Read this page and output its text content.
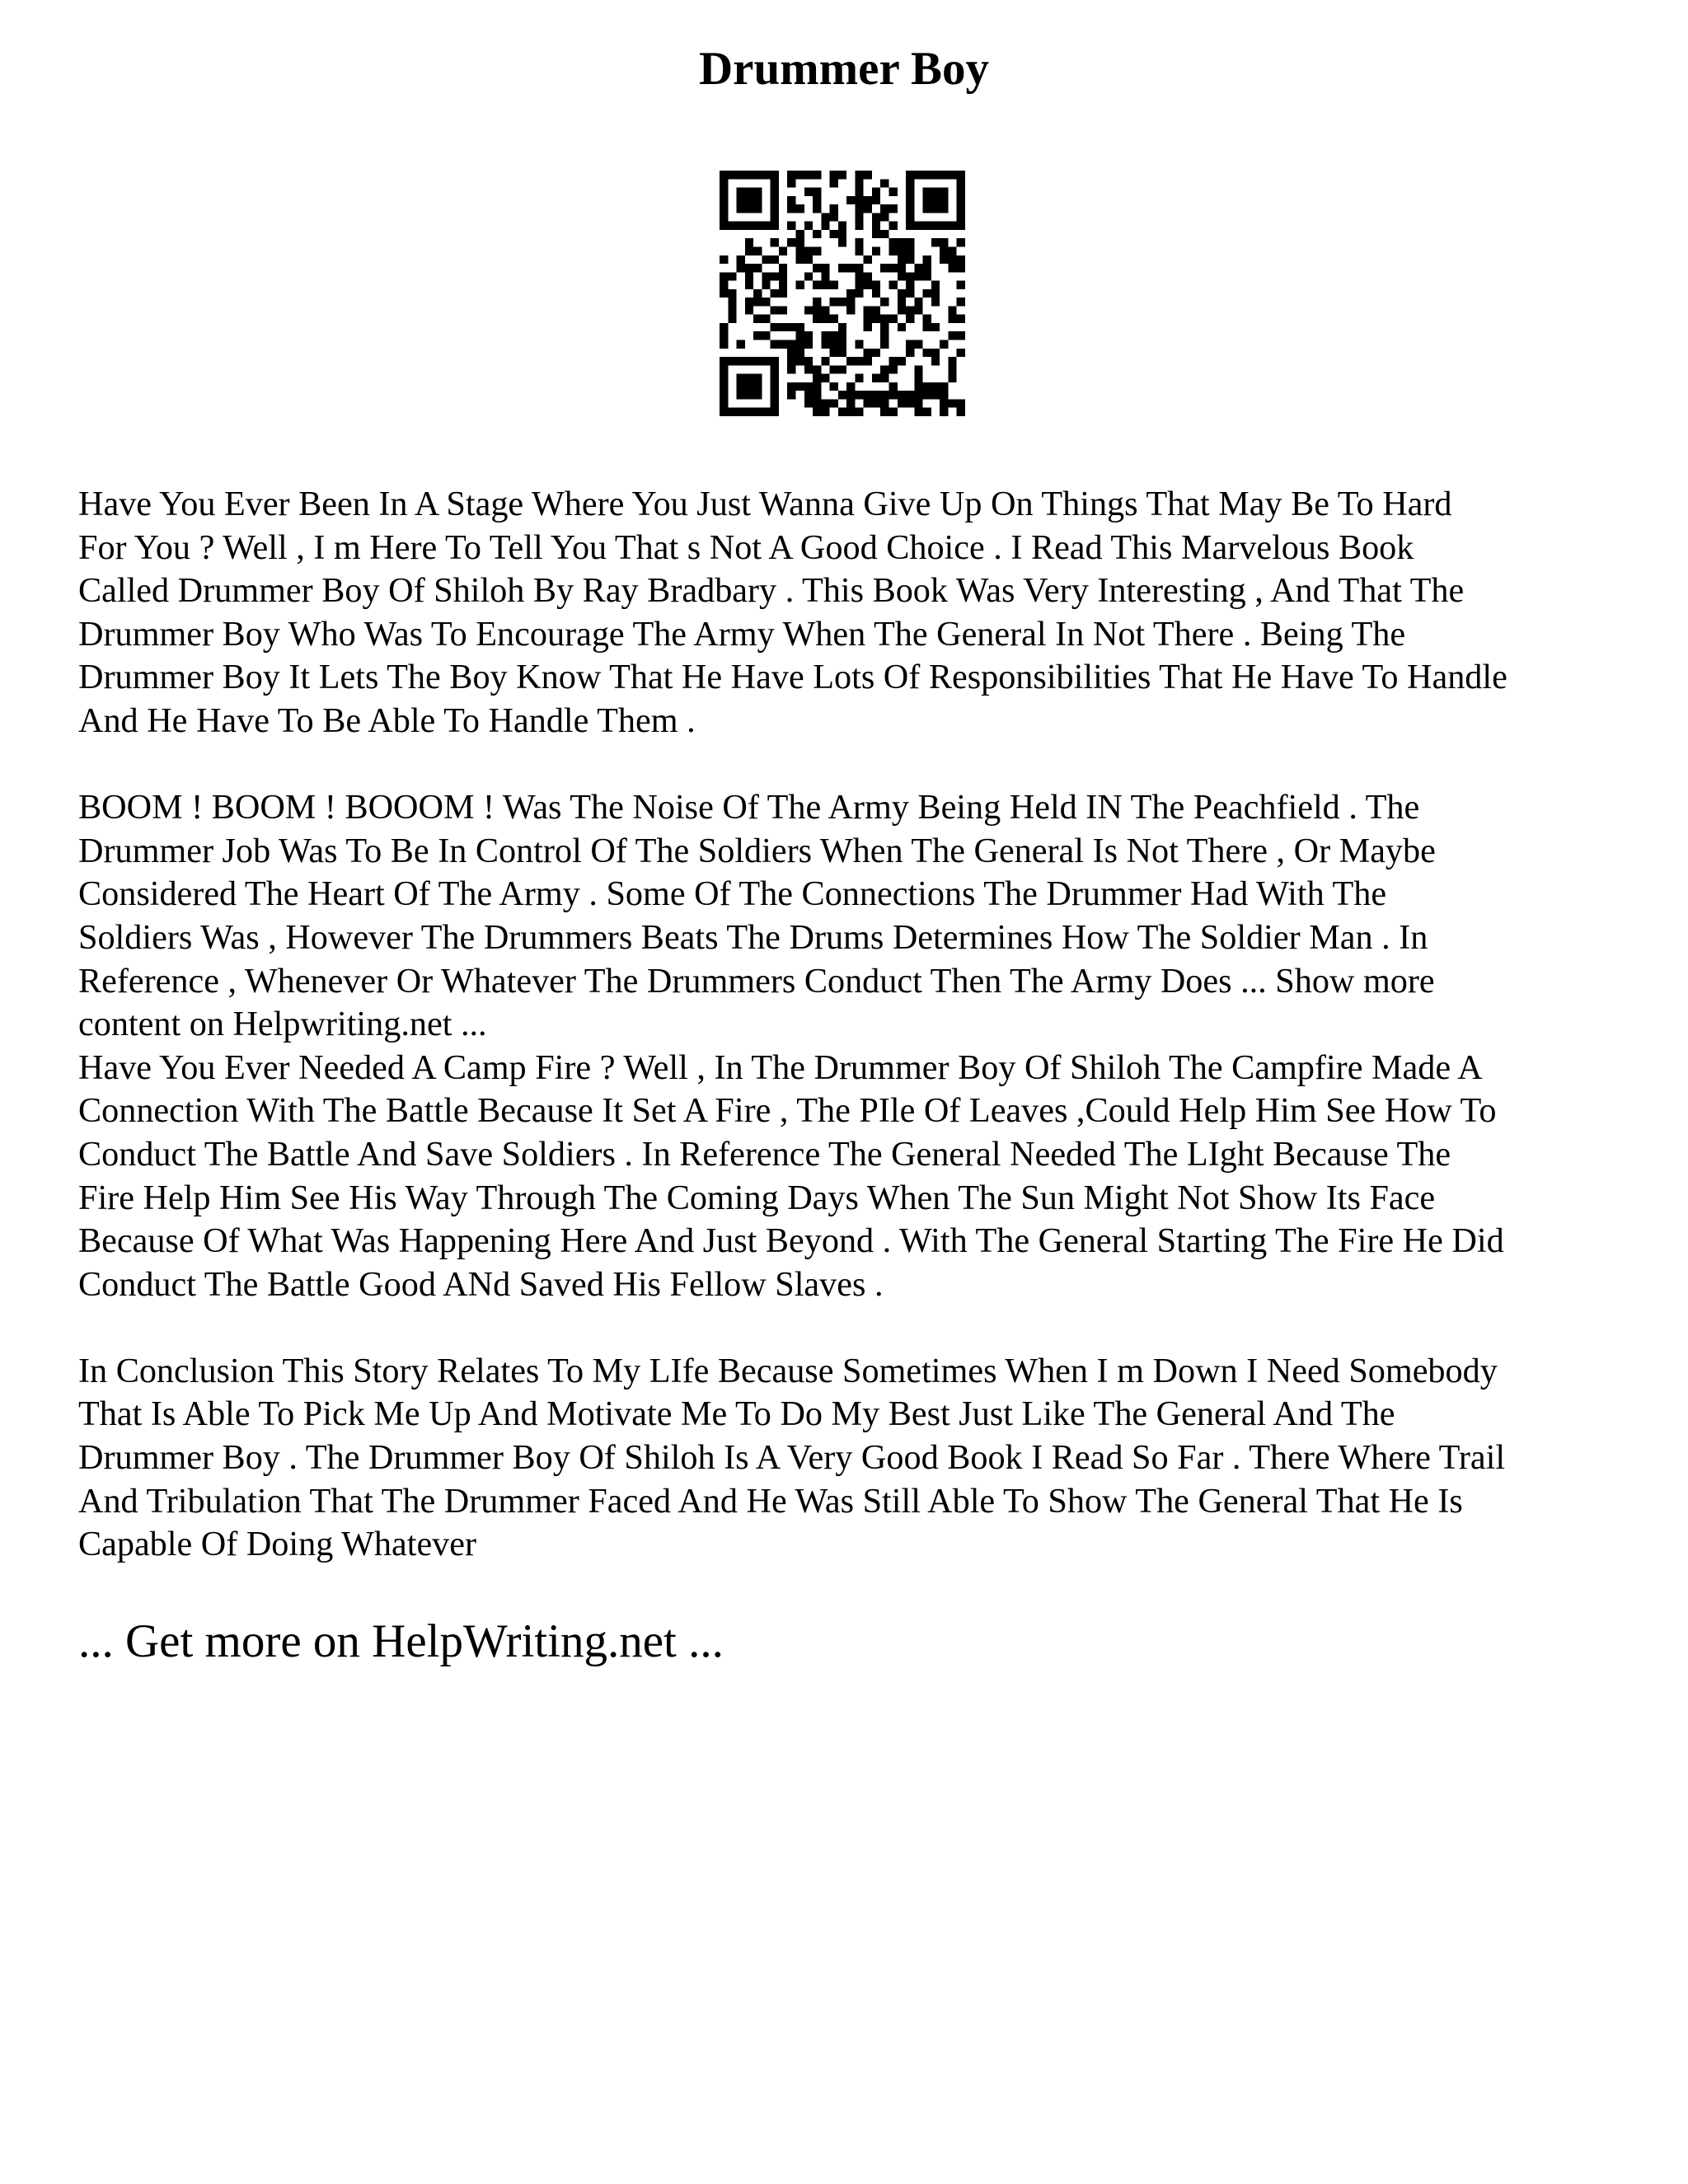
Drummer Boy

Have You Ever Been In A Stage Where You Just Wanna Give Up On Things That May Be To Hard
For You ? Well , I m Here To Tell You That s Not A Good Choice . I Read This Marvelous Book
Called Drummer Boy Of Shiloh By Ray Bradbary . This Book Was Very Interesting , And That The
Drummer Boy Who Was To Encourage The Army When The General In Not There . Being The
Drummer Boy It Lets The Boy Know That He Have Lots Of Responsibilities That He Have To Handle
And He Have To Be Able To Handle Them .

BOOM ! BOOM ! BOOOM ! Was The Noise Of The Army Being Held IN The Peachfield . The
Drummer Job Was To Be In Control Of The Soldiers When The General Is Not There , Or Maybe
Considered The Heart Of The Army . Some Of The Connections The Drummer Had With The
Soldiers Was , However The Drummers Beats The Drums Determines How The Soldier Man . In
Reference , Whenever Or Whatever The Drummers Conduct Then The Army Does ... Show more
content on Helpwriting.net ...

Have You Ever Needed A Camp Fire ? Well , In The Drummer Boy Of Shiloh The Campfire Made A
Connection With The Battle Because It Set A Fire , The PIle Of Leaves ,Could Help Him See How To
Conduct The Battle And Save Soldiers . In Reference The General Needed The LIght Because The
Fire Help Him See His Way Through The Coming Days When The Sun Might Not Show Its Face
Because Of What Was Happening Here And Just Beyond . With The General Starting The Fire He Did
Conduct The Battle Good ANd Saved His Fellow Slaves .

In Conclusion This Story Relates To My LIfe Because Sometimes When I m Down I Need Somebody
That Is Able To Pick Me Up And Motivate Me To Do My Best Just Like The General And The
Drummer Boy . The Drummer Boy Of Shiloh Is A Very Good Book I Read So Far . There Where Trail
And Tribulation That The Drummer Faced And He Was Still Able To Show The General That He Is
Capable Of Doing Whatever

... Get more on HelpWriting.net ...
